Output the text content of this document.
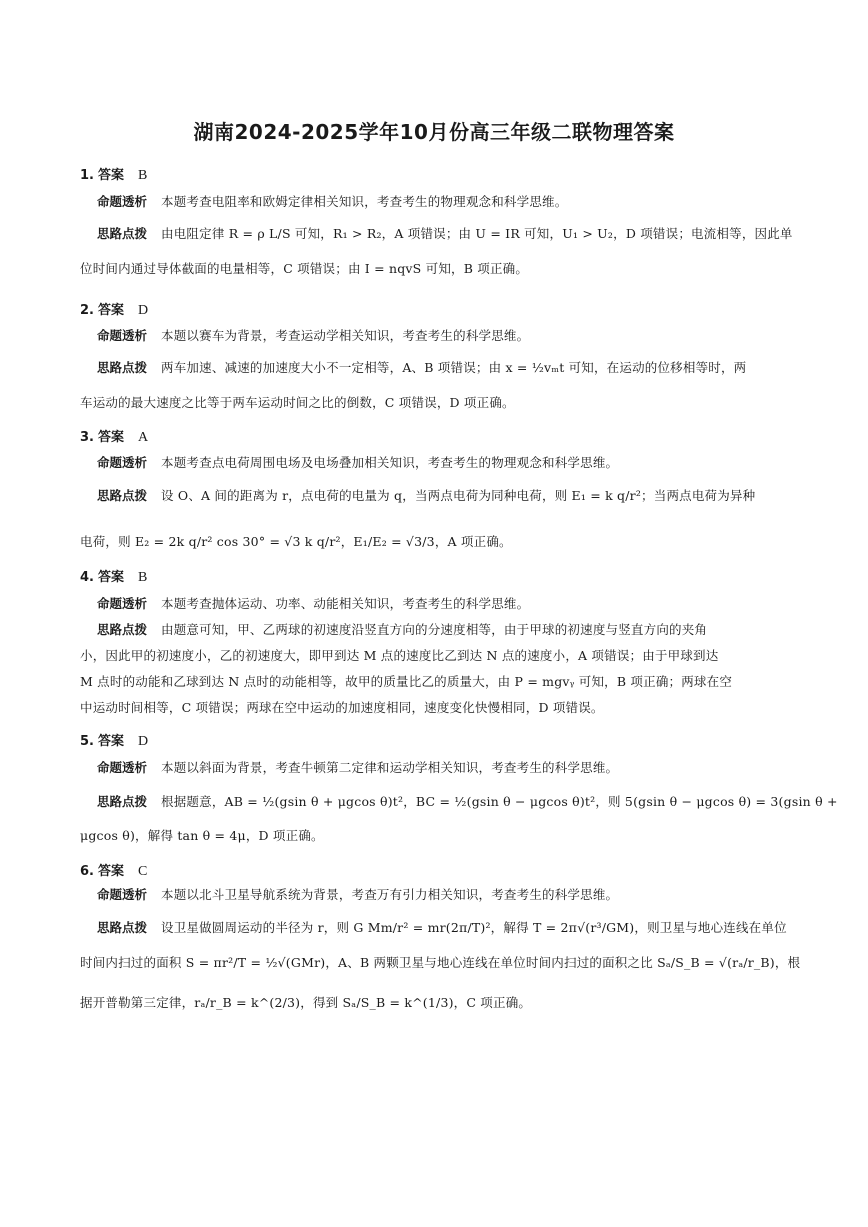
湖南2024-2025学年10月份高三年级二联物理答案
1. 答案 B
命题透析 本题考查电阻率和欧姆定律相关知识，考查考生的物理观念和科学思维。
思路点拨 由电阻定律 R = ρ L/S 可知，R₁ > R₂，A 项错误；由 U = IR 可知，U₁ > U₂，D 项错误；电流相等，因此单
位时间内通过导体截面的电量相等，C 项错误；由 I = nqvS 可知，B 项正确。
2. 答案 D
命题透析 本题以赛车为背景，考查运动学相关知识，考查考生的科学思维。
思路点拨 两车加速、减速的加速度大小不一定相等，A、B 项错误；由 x = ½vₘt 可知，在运动的位移相等时，两
车运动的最大速度之比等于两车运动时间之比的倒数，C 项错误，D 项正确。
3. 答案 A
命题透析 本题考查点电荷周围电场及电场叠加相关知识，考查考生的物理观念和科学思维。
思路点拨 设 O、A 间的距离为 r，点电荷的电量为 q，当两点电荷为同种电荷，则 E₁ = k q/r²；当两点电荷为异种
电荷，则 E₂ = 2k q/r² cos 30° = √3 k q/r²，E₁/E₂ = √3/3，A 项正确。
4. 答案 B
命题透析 本题考查抛体运动、功率、动能相关知识，考查考生的科学思维。
思路点拨 由题意可知，甲、乙两球的初速度沿竖直方向的分速度相等，由于甲球的初速度与竖直方向的夹角
小，因此甲的初速度小，乙的初速度大，即甲到达 M 点的速度比乙到达 N 点的速度小，A 项错误；由于甲球到达
M 点时的动能和乙球到达 N 点时的动能相等，故甲的质量比乙的质量大，由 P = mgvᵧ 可知，B 项正确；两球在空
中运动时间相等，C 项错误；两球在空中运动的加速度相同，速度变化快慢相同，D 项错误。
5. 答案 D
命题透析 本题以斜面为背景，考查牛顿第二定律和运动学相关知识，考查考生的科学思维。
思路点拨 根据题意，AB = ½(gsin θ + μgcos θ)t²，BC = ½(gsin θ − μgcos θ)t²，则 5(gsin θ − μgcos θ) = 3(gsin θ +
μgcos θ)，解得 tan θ = 4μ，D 项正确。
6. 答案 C
命题透析 本题以北斗卫星导航系统为背景，考查万有引力相关知识，考查考生的科学思维。
思路点拨 设卫星做圆周运动的半径为 r，则 G Mm/r² = mr(2π/T)²，解得 T = 2π√(r³/GM)，则卫星与地心连线在单位
时间内扫过的面积 S = πr²/T = ½√(GMr)，A、B 两颗卫星与地心连线在单位时间内扫过的面积之比 Sₐ/S_B = √(rₐ/r_B)，根
据开普勒第三定律，rₐ/r_B = k^(2/3)，得到 Sₐ/S_B = k^(1/3)，C 项正确。
